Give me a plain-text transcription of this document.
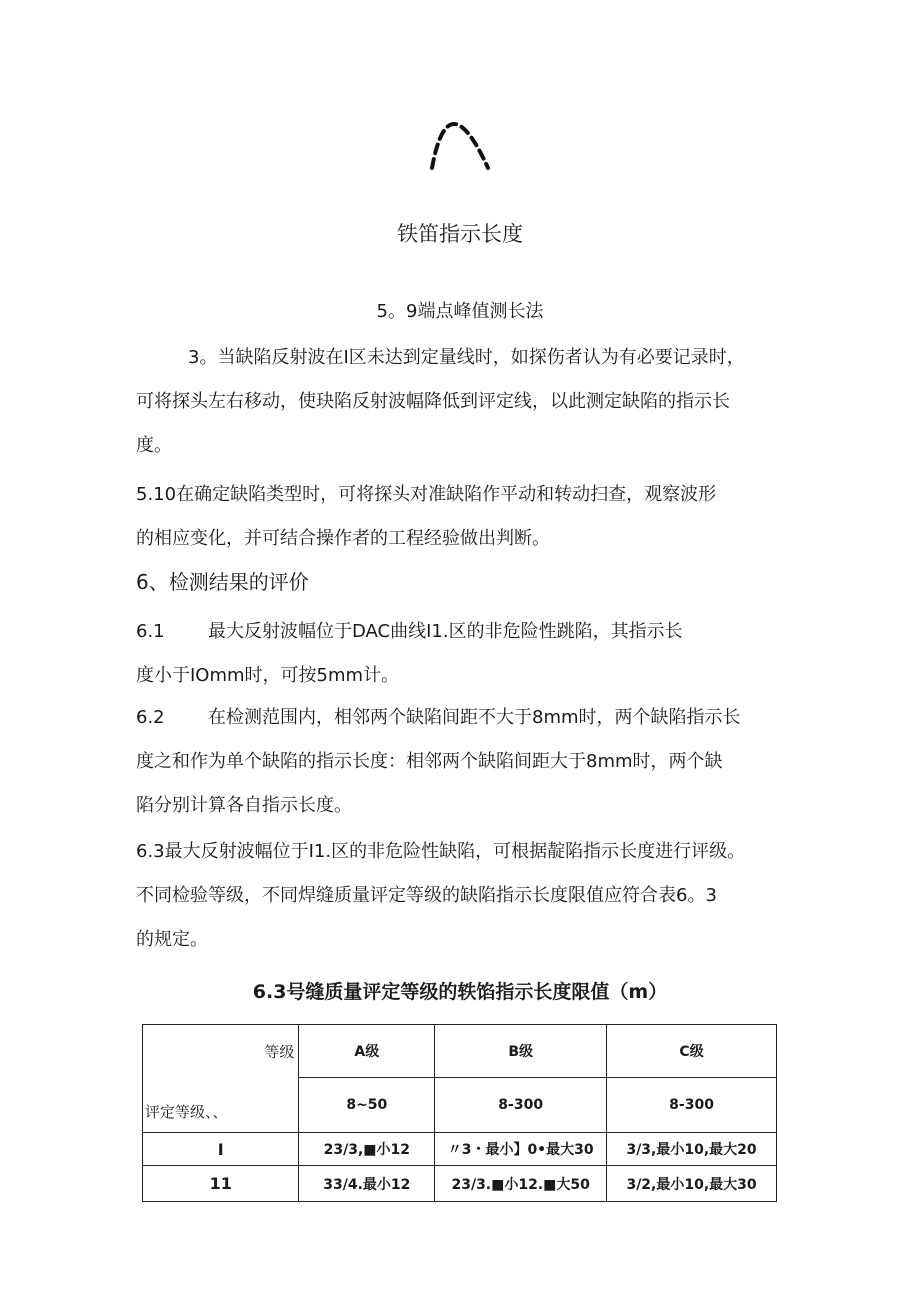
铁笛指示长度
5。9端点峰值测长法
3。当缺陷反射波在I区未达到定量线时，如探伤者认为有必要记录时，
可将探头左右移动，使玦陷反射波幅降低到评定线，以此测定缺陷的指示长
度。
5.10在确定缺陷类型时，可将探头对准缺陷作平动和转动扫查，观察波形
的相应变化，并可结合操作者的工程经验做出判断。
6、检测结果的评价
6.1 最大反射波幅位于DAC曲线I1.区的非危险性跳陷，其指示长
度小于IOmm时，可按5mm计。
6.2 在检测范围内，相邻两个缺陷间距不大于8mm时，两个缺陷指示长
度之和作为单个缺陷的指示长度：相邻两个缺陷间距大于8mm时，两个缺
陷分别计算各自指示长度。
6.3最大反射波幅位于I1.区的非危险性缺陷，可根据靛陷指示长度进行评级。
不同检验等级，不同焊缝质量评定等级的缺陷指示长度限值应符合表6。3
的规定。
6.3号缝质量评定等级的轶馅指示长度限值（m）
等级
评定等级、、	A级	B级	C级
	8~50	8-300	8-300
I	23/3,■小12	〃3・最小】0•最大30	3/3,最小10,最大20
11	33/4.最小12	23/3.■小12.■大50	3/2,最小10,最大30
